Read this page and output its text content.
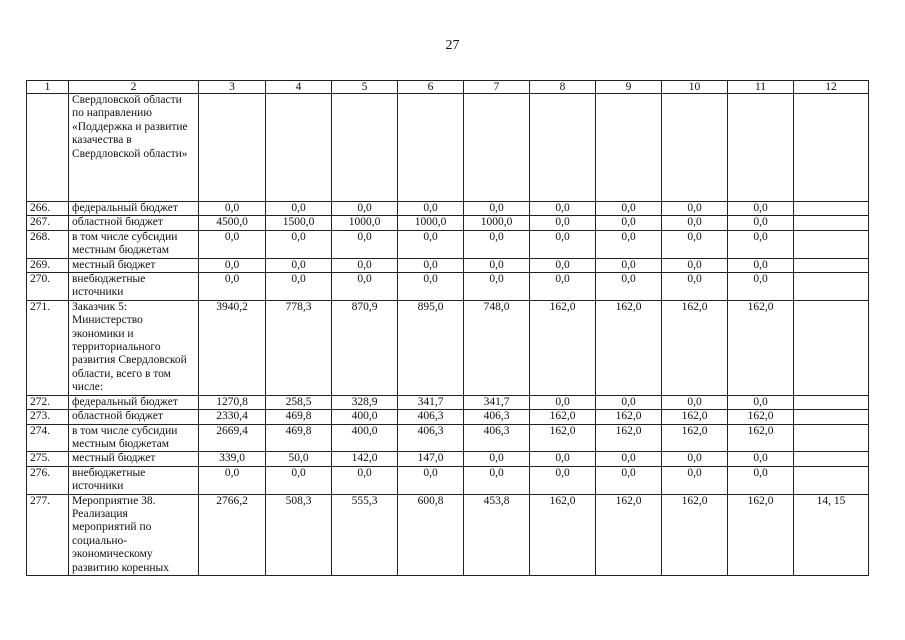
27
1	2	3	4	5	6	7	8	9	10	11	12
	Свердловской области по направлению «Поддержка и развитие казачества в Свердловской области»										
266.	федеральный бюджет	0,0	0,0	0,0	0,0	0,0	0,0	0,0	0,0	0,0	
267.	областной бюджет	4500,0	1500,0	1000,0	1000,0	1000,0	0,0	0,0	0,0	0,0	
268.	в том числе субсидии местным бюджетам	0,0	0,0	0,0	0,0	0,0	0,0	0,0	0,0	0,0	
269.	местный бюджет	0,0	0,0	0,0	0,0	0,0	0,0	0,0	0,0	0,0	
270.	внебюджетные источники	0,0	0,0	0,0	0,0	0,0	0,0	0,0	0,0	0,0	
271.	Заказчик 5: Министерство экономики и территориального развития Свердловской области, всего в том числе:	3940,2	778,3	870,9	895,0	748,0	162,0	162,0	162,0	162,0	
272.	федеральный бюджет	1270,8	258,5	328,9	341,7	341,7	0,0	0,0	0,0	0,0	
273.	областной бюджет	2330,4	469,8	400,0	406,3	406,3	162,0	162,0	162,0	162,0	
274.	в том числе субсидии местным бюджетам	2669,4	469,8	400,0	406,3	406,3	162,0	162,0	162,0	162,0	
275.	местный бюджет	339,0	50,0	142,0	147,0	0,0	0,0	0,0	0,0	0,0	
276.	внебюджетные источники	0,0	0,0	0,0	0,0	0,0	0,0	0,0	0,0	0,0	
277.	Мероприятие 38. Реализация мероприятий по социально-экономическому развитию коренных	2766,2	508,3	555,3	600,8	453,8	162,0	162,0	162,0	162,0	14, 15
